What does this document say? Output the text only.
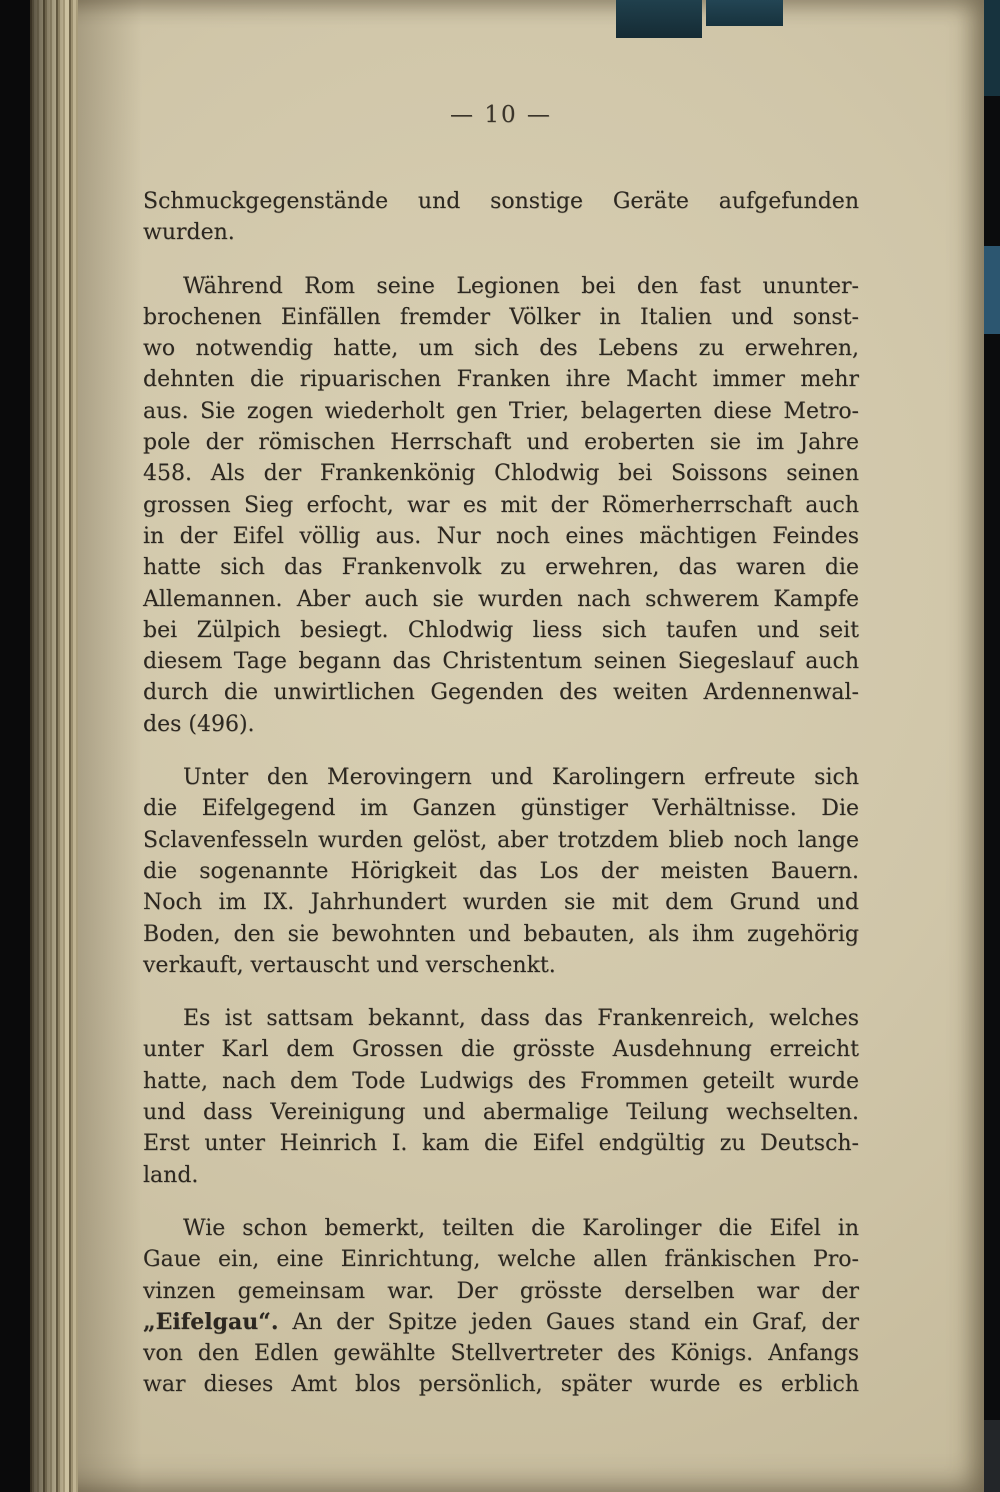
— 10 —

Schmuckgegenstände und sonstige Geräte aufgefunden
wurden.

Während Rom seine Legionen bei den fast ununter-
brochenen Einfällen fremder Völker in Italien und sonst-
wo notwendig hatte, um sich des Lebens zu erwehren,
dehnten die ripuarischen Franken ihre Macht immer mehr
aus. Sie zogen wiederholt gen Trier, belagerten diese Metro-
pole der römischen Herrschaft und eroberten sie im Jahre
458. Als der Frankenkönig Chlodwig bei Soissons seinen
grossen Sieg erfocht, war es mit der Römerherrschaft auch
in der Eifel völlig aus. Nur noch eines mächtigen Feindes
hatte sich das Frankenvolk zu erwehren, das waren die
Allemannen. Aber auch sie wurden nach schwerem Kampfe
bei Zülpich besiegt. Chlodwig liess sich taufen und seit
diesem Tage begann das Christentum seinen Siegeslauf auch
durch die unwirtlichen Gegenden des weiten Ardennenwal-
des (496).

Unter den Merovingern und Karolingern erfreute sich
die Eifelgegend im Ganzen günstiger Verhältnisse. Die
Sclavenfesseln wurden gelöst, aber trotzdem blieb noch lange
die sogenannte Hörigkeit das Los der meisten Bauern.
Noch im IX. Jahrhundert wurden sie mit dem Grund und
Boden, den sie bewohnten und bebauten, als ihm zugehörig
verkauft, vertauscht und verschenkt.

Es ist sattsam bekannt, dass das Frankenreich, welches
unter Karl dem Grossen die grösste Ausdehnung erreicht
hatte, nach dem Tode Ludwigs des Frommen geteilt wurde
und dass Vereinigung und abermalige Teilung wechselten.
Erst unter Heinrich I. kam die Eifel endgültig zu Deutsch-
land.

Wie schon bemerkt, teilten die Karolinger die Eifel in
Gaue ein, eine Einrichtung, welche allen fränkischen Pro-
vinzen gemeinsam war. Der grösste derselben war der
„Eifelgau“. An der Spitze jeden Gaues stand ein Graf, der
von den Edlen gewählte Stellvertreter des Königs. Anfangs
war dieses Amt blos persönlich, später wurde es erblich
